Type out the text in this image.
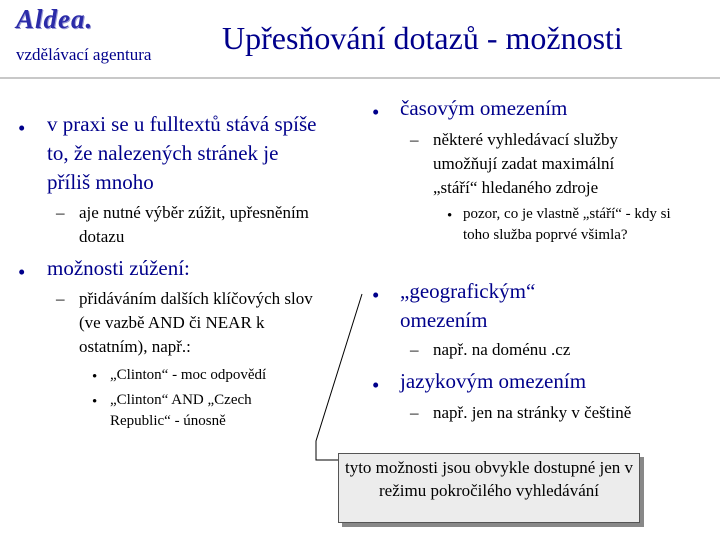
Aldea.
vzdělávací agentura Upřesňování dotazů - možnosti
• v praxi se u fulltextů stává spíše to, že nalezených stránek je příliš mnoho
– aje nutné výběr zúžit, upřesněním dotazu
• možnosti zúžení:
– přidáváním dalších klíčových slov (ve vazbě AND či NEAR k ostatním), např.:
• „Clinton“ - moc odpovědí
• „Clinton“ AND „Czech Republic“ - únosně
• časovým omezením
– některé vyhledávací služby umožňují zadat maximální „stáří“ hledaného zdroje
• pozor, co je vlastně „stáří“ - kdy si toho služba poprvé všimla?
• „geografickým“ omezením
– např. na doménu .cz
• jazykovým omezením
– např. jen na stránky v češtině
tyto možnosti jsou obvykle dostupné jen v režimu pokročilého vyhledávání
